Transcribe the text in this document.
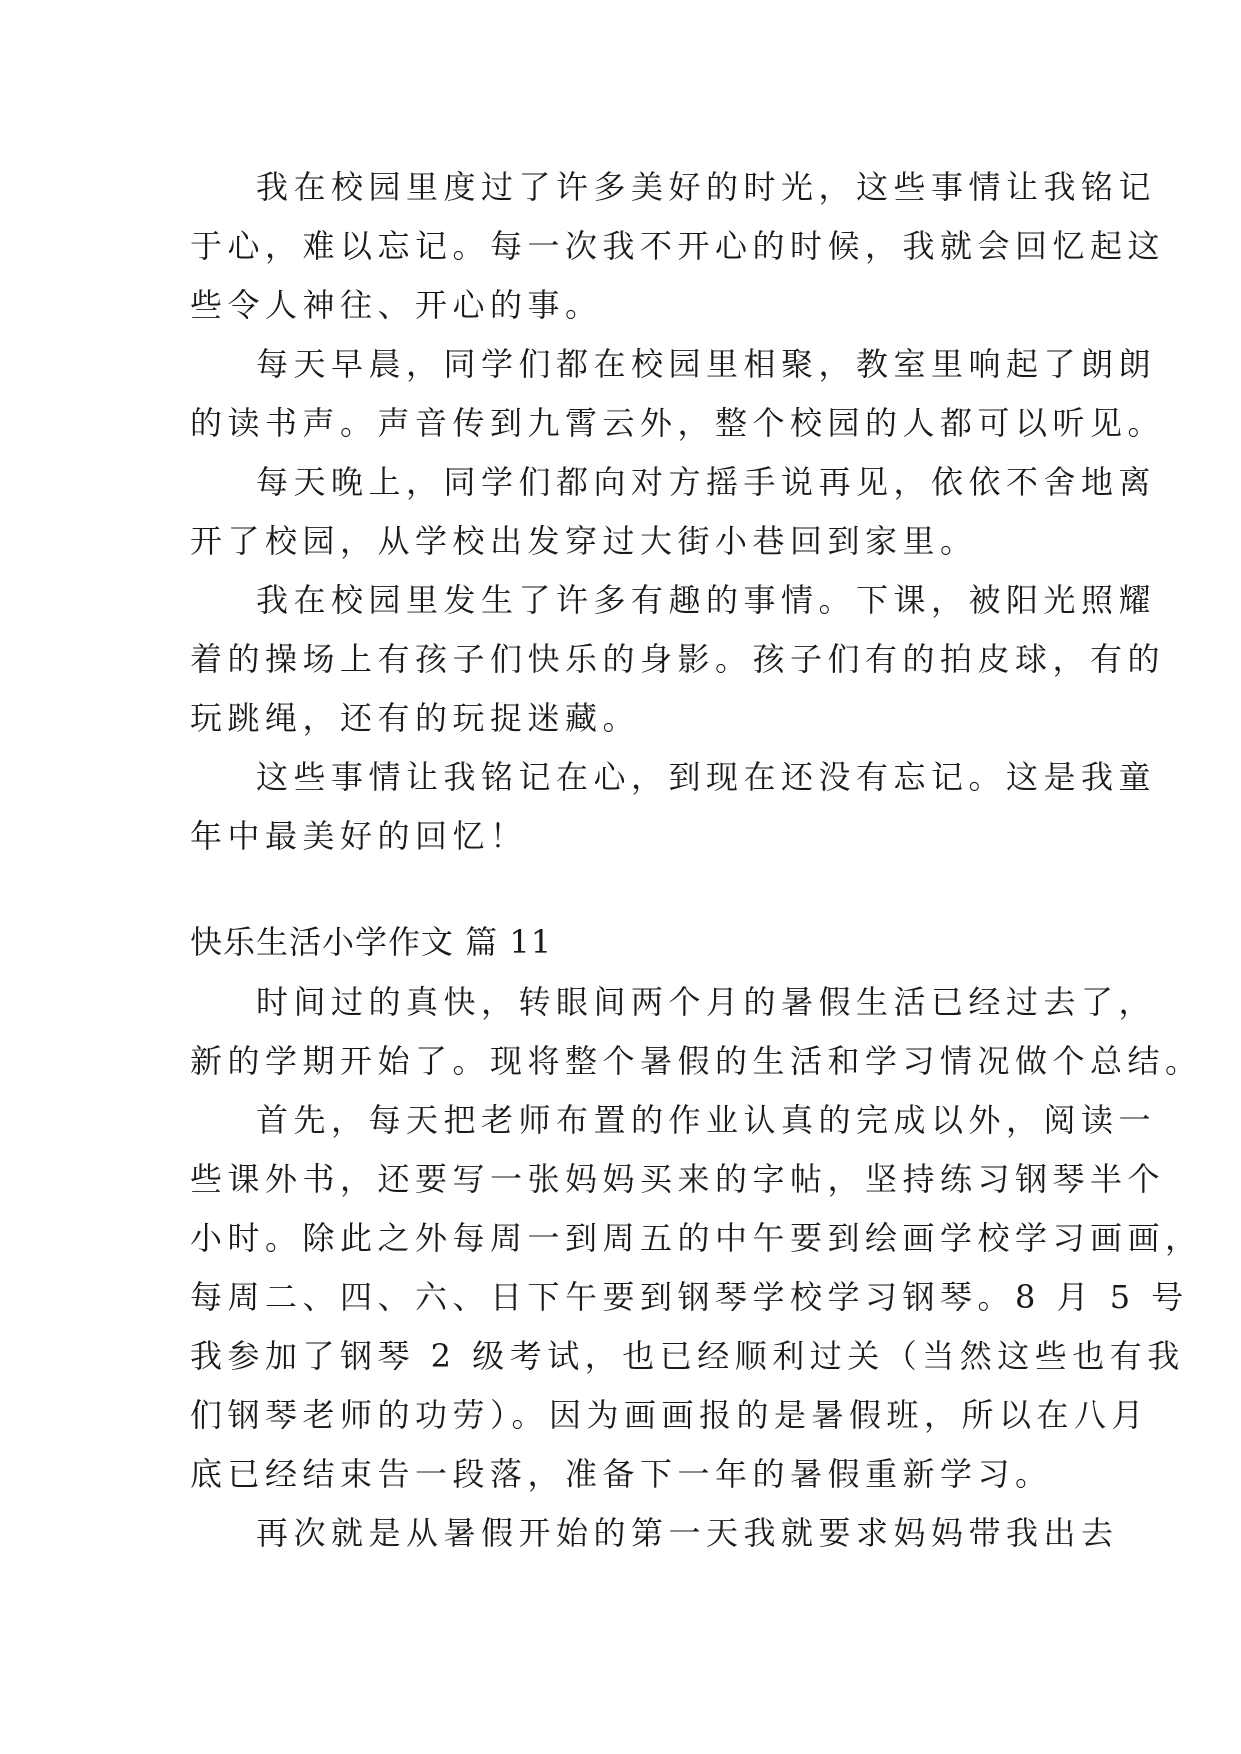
我在校园里度过了许多美好的时光，这些事情让我铭记
于心，难以忘记。每一次我不开心的时候，我就会回忆起这
些令人神往、开心的事。
每天早晨，同学们都在校园里相聚，教室里响起了朗朗
的读书声。声音传到九霄云外，整个校园的人都可以听见。
每天晚上，同学们都向对方摇手说再见，依依不舍地离
开了校园，从学校出发穿过大街小巷回到家里。
我在校园里发生了许多有趣的事情。下课，被阳光照耀
着的操场上有孩子们快乐的身影。孩子们有的拍皮球，有的
玩跳绳，还有的玩捉迷藏。
这些事情让我铭记在心，到现在还没有忘记。这是我童
年中最美好的回忆！
快乐生活小学作文 篇 11
时间过的真快，转眼间两个月的暑假生活已经过去了，
新的学期开始了。现将整个暑假的生活和学习情况做个总结。
首先，每天把老师布置的作业认真的完成以外，阅读一
些课外书，还要写一张妈妈买来的字帖，坚持练习钢琴半个
小时。除此之外每周一到周五的中午要到绘画学校学习画画，
每周二、四、六、日下午要到钢琴学校学习钢琴。8 月 5 号
我参加了钢琴 2 级考试，也已经顺利过关（当然这些也有我
们钢琴老师的功劳）。因为画画报的是暑假班，所以在八月
底已经结束告一段落，准备下一年的暑假重新学习。
再次就是从暑假开始的第一天我就要求妈妈带我出去
